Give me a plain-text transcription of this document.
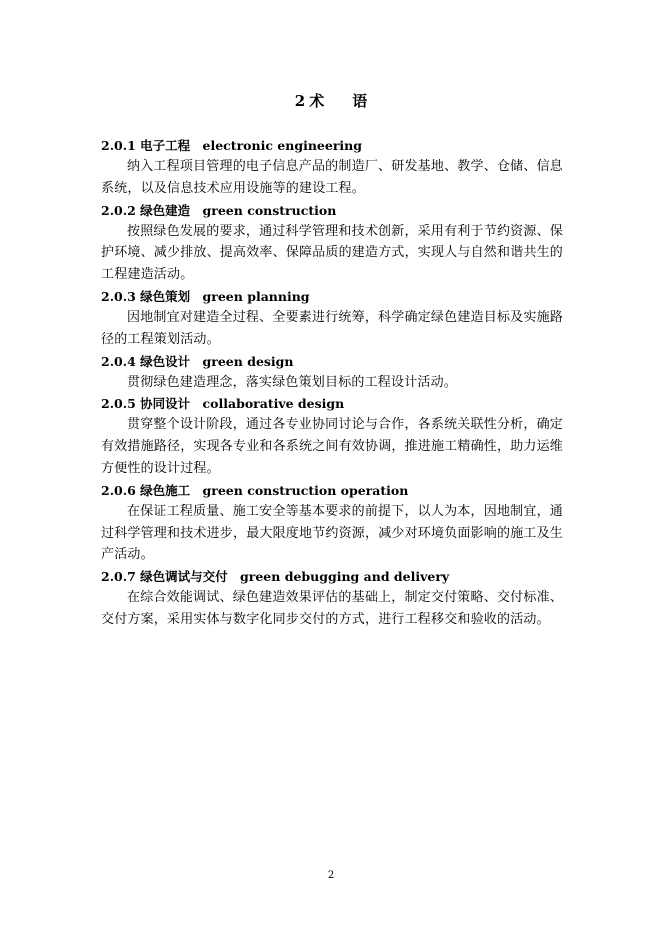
2 术 语
2.0.1 电子工程 electronic engineering
纳入工程项目管理的电子信息产品的制造厂、研发基地、教学、仓储、信息系统，以及信息技术应用设施等的建设工程。
2.0.2 绿色建造 green construction
按照绿色发展的要求，通过科学管理和技术创新，采用有利于节约资源、保护环境、减少排放、提高效率、保障品质的建造方式，实现人与自然和谐共生的工程建造活动。
2.0.3 绿色策划 green planning
因地制宜对建造全过程、全要素进行统筹，科学确定绿色建造目标及实施路径的工程策划活动。
2.0.4 绿色设计 green design
贯彻绿色建造理念，落实绿色策划目标的工程设计活动。
2.0.5 协同设计 collaborative design
贯穿整个设计阶段，通过各专业协同讨论与合作，各系统关联性分析，确定有效措施路径，实现各专业和各系统之间有效协调，推进施工精确性，助力运维方便性的设计过程。
2.0.6 绿色施工 green construction operation
在保证工程质量、施工安全等基本要求的前提下，以人为本，因地制宜，通过科学管理和技术进步，最大限度地节约资源，减少对环境负面影响的施工及生产活动。
2.0.7 绿色调试与交付 green debugging and delivery
在综合效能调试、绿色建造效果评估的基础上，制定交付策略、交付标准、交付方案，采用实体与数字化同步交付的方式，进行工程移交和验收的活动。
2
